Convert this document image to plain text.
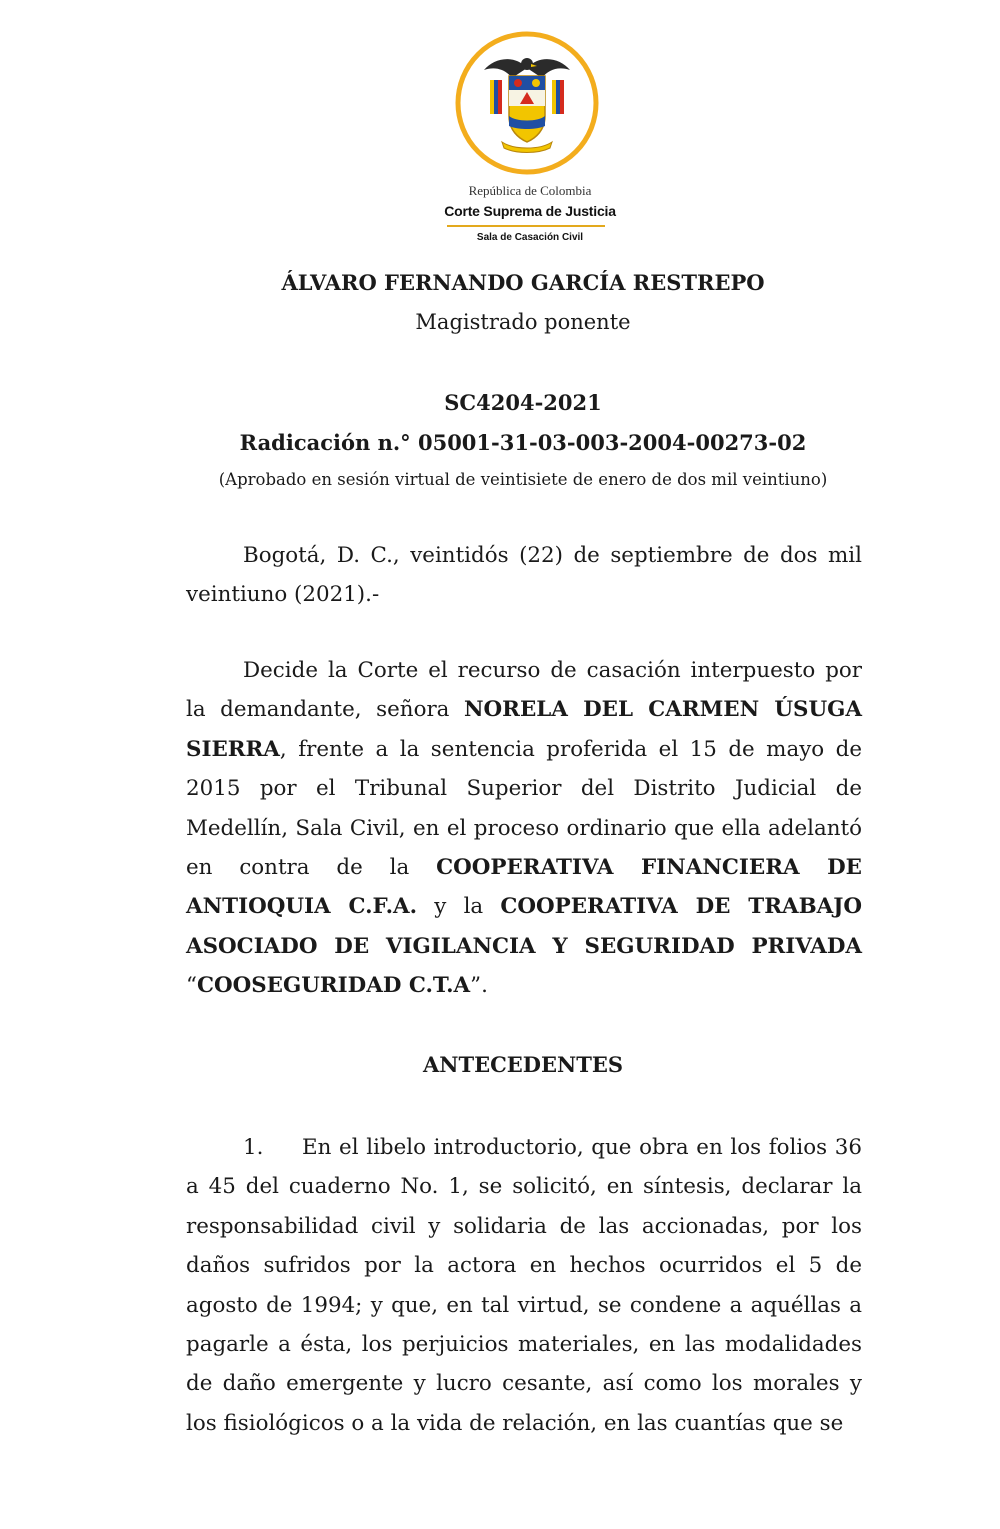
República de Colombia
Corte Suprema de Justicia
Sala de Casación Civil
ÁLVARO FERNANDO GARCÍA RESTREPO
Magistrado ponente
SC4204-2021
Radicación n.° 05001-31-03-003-2004-00273-02
(Aprobado en sesión virtual de veintisiete de enero de dos mil veintiuno)
Bogotá, D. C., veintidós (22) de septiembre de dos mil veintiuno (2021).-
Decide la Corte el recurso de casación interpuesto por la demandante, señora NORELA DEL CARMEN ÚSUGA SIERRA, frente a la sentencia proferida el 15 de mayo de 2015 por el Tribunal Superior del Distrito Judicial de Medellín, Sala Civil, en el proceso ordinario que ella adelantó en contra de la COOPERATIVA FINANCIERA DE ANTIOQUIA C.F.A. y la COOPERATIVA DE TRABAJO ASOCIADO DE VIGILANCIA Y SEGURIDAD PRIVADA “COOSEGURIDAD C.T.A”.
ANTECEDENTES
1. En el libelo introductorio, que obra en los folios 36 a 45 del cuaderno No. 1, se solicitó, en síntesis, declarar la responsabilidad civil y solidaria de las accionadas, por los daños sufridos por la actora en hechos ocurridos el 5 de agosto de 1994; y que, en tal virtud, se condene a aquéllas a pagarle a ésta, los perjuicios materiales, en las modalidades de daño emergente y lucro cesante, así como los morales y los fisiológicos o a la vida de relación, en las cuantías que se
